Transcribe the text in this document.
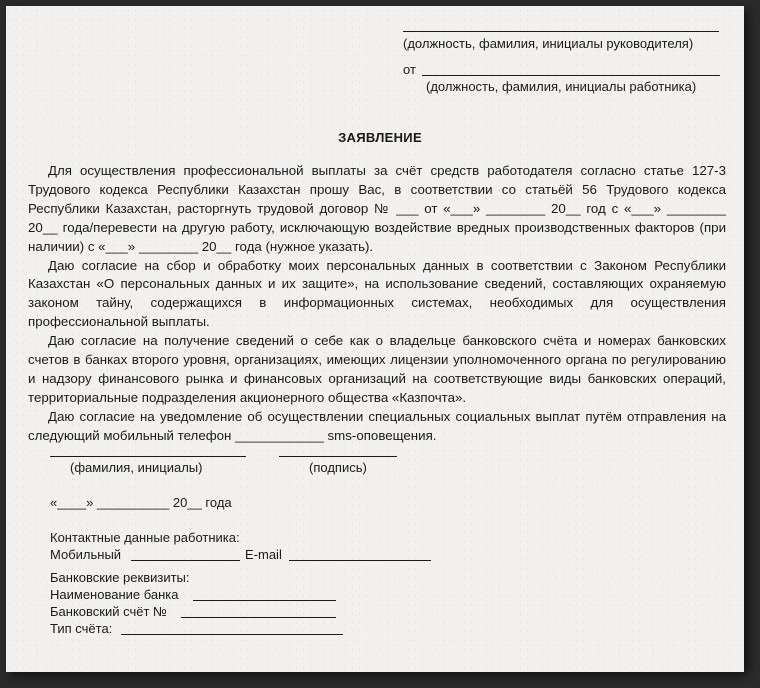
(должность, фамилия, инициалы руководителя)
от
(должность, фамилия, инициалы работника)
ЗАЯВЛЕНИЕ

Для осуществления профессиональной выплаты за счёт средств работодателя согласно статье 127-3 Трудового кодекса Республики Казахстан прошу Вас, в соответствии со статьёй 56 Трудового кодекса Республики Казахстан, расторгнуть трудовой договор № ___ от «___» ________ 20__ год с «___» ________ 20__ года/перевести на другую работу, исключающую воздействие вредных производственных факторов (при наличии) с «___» ________ 20__ года (нужное указать).

Даю согласие на сбор и обработку моих персональных данных в соответствии с Законом Республики Казахстан «О персональных данных и их защите», на использование сведений, составляющих охраняемую законом тайну, содержащихся в информационных системах, необходимых для осуществления профессиональной выплаты.

Даю согласие на получение сведений о себе как о владельце банковского счёта и номерах банковских счетов в банках второго уровня, организациях, имеющих лицензии уполномоченного органа по регулированию и надзору финансового рынка и финансовых организаций на соответствующие виды банковских операций, территориальные подразделения акционерного общества «Казпочта».

Даю согласие на уведомление об осуществлении специальных социальных выплат путём отправления на следующий мобильный телефон ____________ sms-оповещения.

(фамилия, инициалы)	(подпись)
«____» __________ 20__ года
Контактные данные работника:
Мобильный	E-mail
Банковские реквизиты:
Наименование банка
Банковский счёт №
Тип счёта:
